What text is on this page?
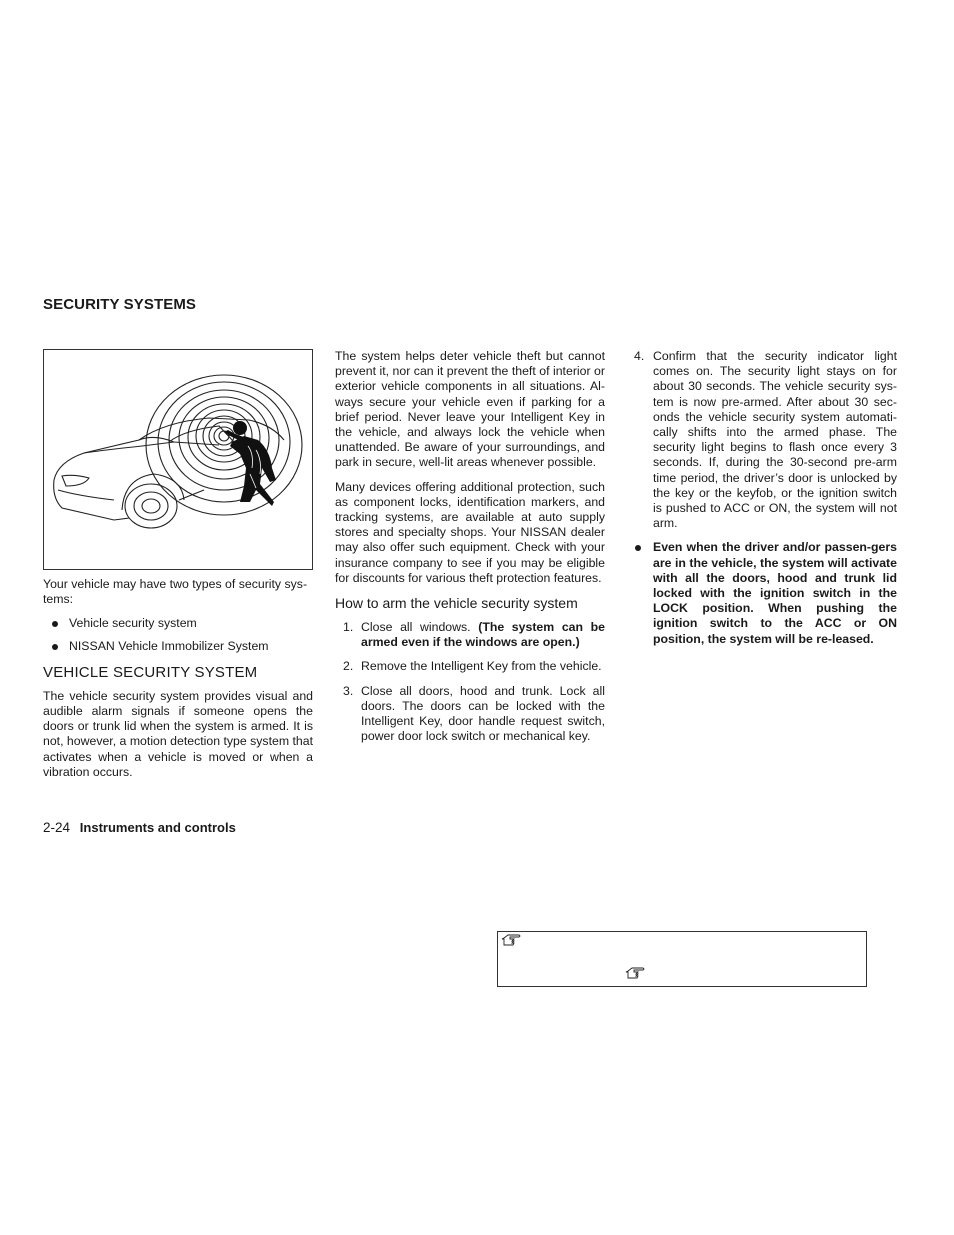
SECURITY SYSTEMS

Your vehicle may have two types of security sys-tems:

Vehicle security system
NISSAN Vehicle Immobilizer System
VEHICLE SECURITY SYSTEM

The vehicle security system provides visual and audible alarm signals if someone opens the doors or trunk lid when the system is armed. It is not, however, a motion detection type system that activates when a vehicle is moved or when a vibration occurs.

The system helps deter vehicle theft but cannot prevent it, nor can it prevent the theft of interior or exterior vehicle components in all situations. Al-ways secure your vehicle even if parking for a brief period. Never leave your Intelligent Key in the vehicle, and always lock the vehicle when unattended. Be aware of your surroundings, and park in secure, well-lit areas whenever possible.

Many devices offering additional protection, such as component locks, identification markers, and tracking systems, are available at auto supply stores and specialty shops. Your NISSAN dealer may also offer such equipment. Check with your insurance company to see if you may be eligible for discounts for various theft protection features.

How to arm the vehicle security system
1. Close all windows. (The system can be armed even if the windows are open.)
2. Remove the Intelligent Key from the vehicle.
3. Close all doors, hood and trunk. Lock all doors. The doors can be locked with the Intelligent Key, door handle request switch, power door lock switch or mechanical key.
4. Confirm that the security indicator light comes on. The security light stays on for about 30 seconds. The vehicle security sys-tem is now pre-armed. After about 30 sec-onds the vehicle security system automati-cally shifts into the armed phase. The security light begins to flash once every 3 seconds. If, during the 30-second pre-arm time period, the driver’s door is unlocked by the key or the keyfob, or the ignition switch is pushed to ACC or ON, the system will not arm.
Even when the driver and/or passen-gers are in the vehicle, the system will activate with all the doors, hood and trunk lid locked with the ignition switch in the LOCK position. When pushing the ignition switch to the ACC or ON position, the system will be re-leased.
2-24 Instruments and controls
